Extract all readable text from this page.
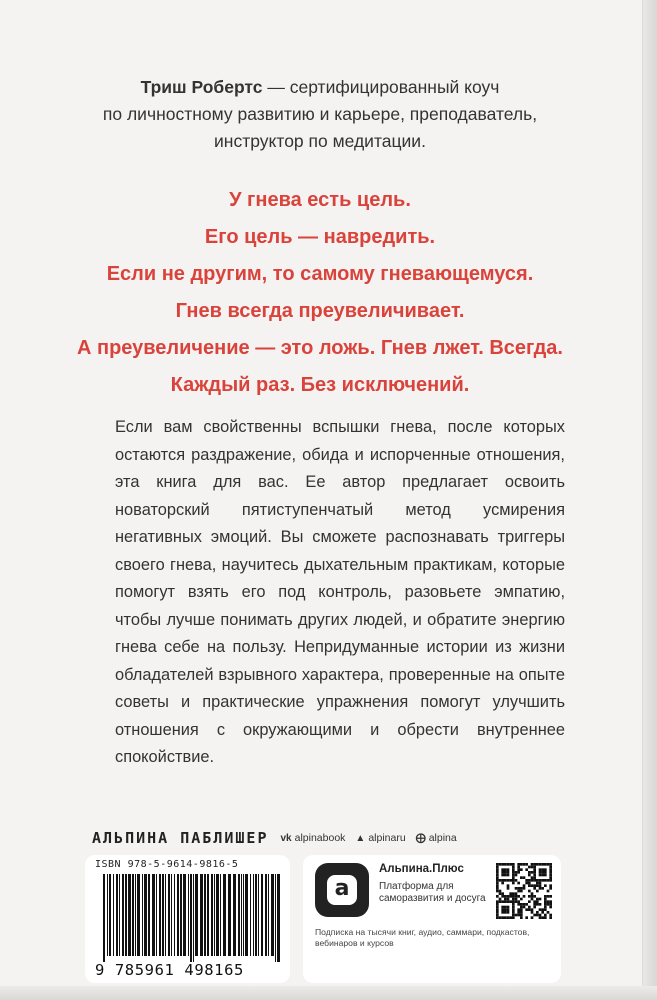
Триш Робертс — сертифицированный коуч
по личностному развитию и карьере, преподаватель,
инструктор по медитации.
У гнева есть цель.
Его цель — навредить.
Если не другим, то самому гневающемуся.
Гнев всегда преувеличивает.
А преувеличение — это ложь. Гнев лжет. Всегда.
Каждый раз. Без исключений.
Если вам свойственны вспышки гнева, после которых остаются раздражение, обида и испорченные отношения, эта книга для вас. Ее автор предлагает освоить новаторский пятиступенчатый метод усмирения негативных эмоций. Вы сможете распознавать триггеры своего гнева, научитесь дыхательным практикам, которые помогут взять его под контроль, разовьете эмпатию, чтобы лучше понимать других людей, и обратите энергию гнева себе на пользу. Непридуманные истории из жизни обладателей взрывного характера, проверенные на опыте советы и практические упражнения помогут улучшить отношения с окружающими и обрести внутреннее спокойствие.
АЛЬПИНА ПАБЛИШЕР vk alpinabook ▲ alpinaru ⨁ alpina
ISBN 978-5-9614-9816-5
9 785961 498165
а
Альпина.Плюс
Платформа для саморазвития и досуга
Подписка на тысячи книг, аудио, саммари, подкастов, вебинаров и курсов
